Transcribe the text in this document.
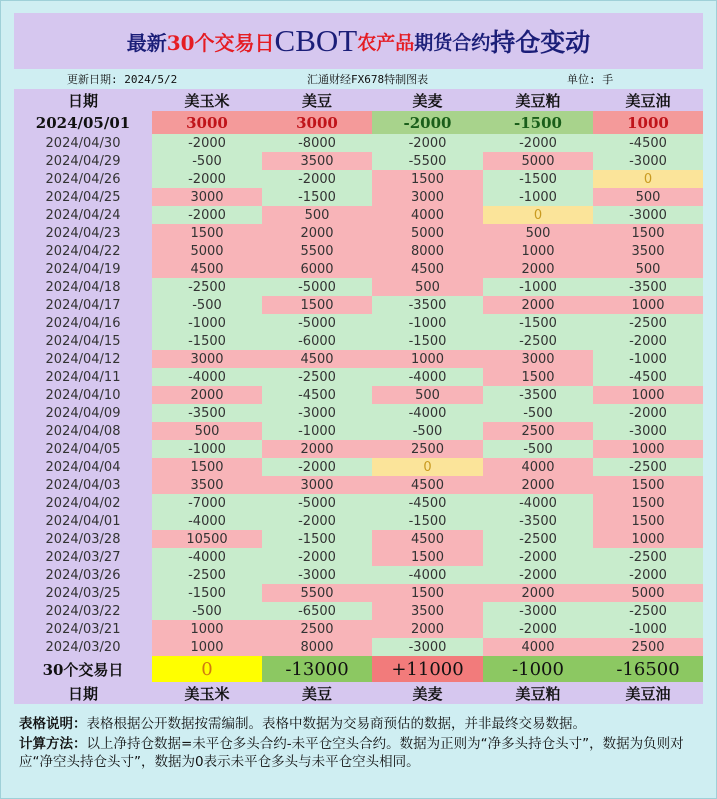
最新 30个交易日 CBOT 农产品 期货合约 持仓变动
更新日期: 2024/5/2	汇通财经FX678特制图表	单位: 手
日期	美玉米	美豆	美麦	美豆粕	美豆油
2024/05/01	3000	3000	-2000	-1500	1000
2024/04/30	-2000	-8000	-2000	-2000	-4500
2024/04/29	-500	3500	-5500	5000	-3000
2024/04/26	-2000	-2000	1500	-1500	0
2024/04/25	3000	-1500	3000	-1000	500
2024/04/24	-2000	500	4000	0	-3000
2024/04/23	1500	2000	5000	500	1500
2024/04/22	5000	5500	8000	1000	3500
2024/04/19	4500	6000	4500	2000	500
2024/04/18	-2500	-5000	500	-1000	-3500
2024/04/17	-500	1500	-3500	2000	1000
2024/04/16	-1000	-5000	-1000	-1500	-2500
2024/04/15	-1500	-6000	-1500	-2500	-2000
2024/04/12	3000	4500	1000	3000	-1000
2024/04/11	-4000	-2500	-4000	1500	-4500
2024/04/10	2000	-4500	500	-3500	1000
2024/04/09	-3500	-3000	-4000	-500	-2000
2024/04/08	500	-1000	-500	2500	-3000
2024/04/05	-1000	2000	2500	-500	1000
2024/04/04	1500	-2000	0	4000	-2500
2024/04/03	3500	3000	4500	2000	1500
2024/04/02	-7000	-5000	-4500	-4000	1500
2024/04/01	-4000	-2000	-1500	-3500	1500
2024/03/28	10500	-1500	4500	-2500	1000
2024/03/27	-4000	-2000	1500	-2000	-2500
2024/03/26	-2500	-3000	-4000	-2000	-2000
2024/03/25	-1500	5500	1500	2000	5000
2024/03/22	-500	-6500	3500	-3000	-2500
2024/03/21	1000	2500	2000	-2000	-1000
2024/03/20	1000	8000	-3000	4000	2500
30个交易日	0	-13000	+11000	-1000	-16500
日期	美玉米	美豆	美麦	美豆粕	美豆油
表格说明：表格根据公开数据按需编制。表格中数据为交易商预估的数据，并非最终交易数据。
计算方法：以上净持仓数据=未平仓多头合约-未平仓空头合约。数据为正则为“净多头持仓头寸”，数据为负则对应“净空头持仓头寸”，数据为0表示未平仓多头与未平仓空头相同。
